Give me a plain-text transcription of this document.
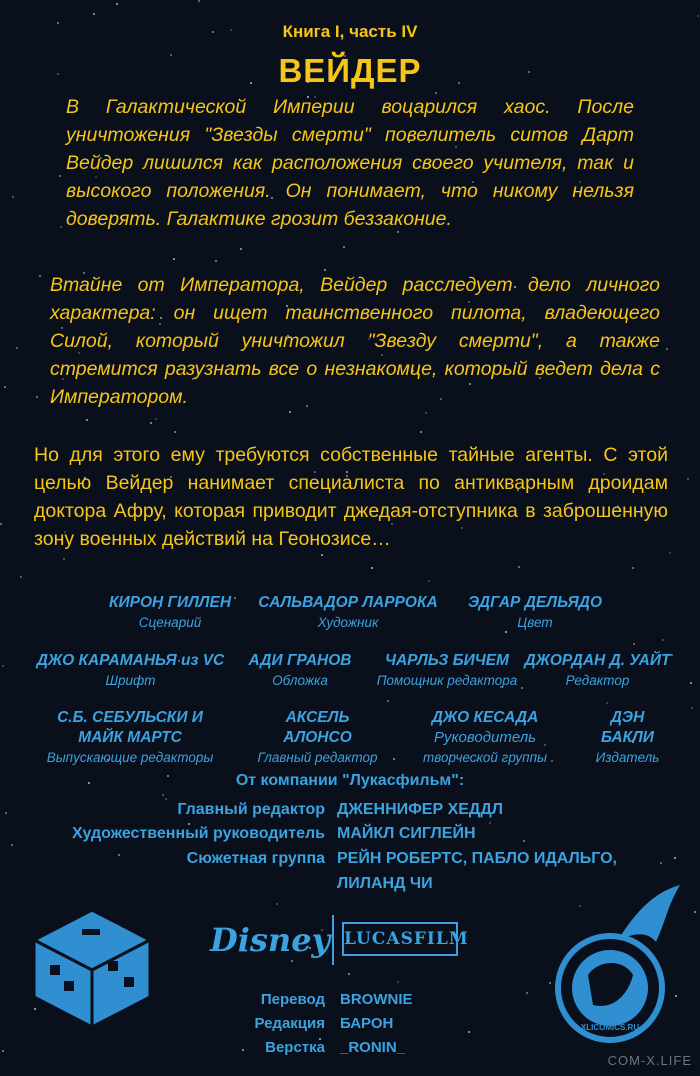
Книга I, часть IV
ВЕЙДЕР
В Галактической Империи воцарился хаос. После уничтожения "Звезды смерти" повелитель ситов Дарт Вейдер лишился как расположения своего учителя, так и высокого положения. Он понимает, что никому нельзя доверять. Галактике грозит беззаконие.
Втайне от Императора, Вейдер расследует дело личного характера: он ищет таинственного пилота, владеющего Силой, который уничтожил "Звезду смерти", а также стремится разузнать все о незнакомце, который ведет дела с Императором.
Но для этого ему требуются собственные тайные агенты. С этой целью Вейдер нанимает специалиста по антикварным дроидам доктора Афру, которая приводит джедая-отступника в заброшенную зону военных действий на Геонозисе…
КИРОН ГИЛЛЕН
Сценарий
САЛЬВАДОР ЛАРРОКА
Художник
ЭДГАР ДЕЛЬЯДО
Цвет
ДЖО КАРАМАНЬЯ из VC
Шрифт
АДИ ГРАНОВ
Обложка
ЧАРЛЬЗ БИЧЕМ
Помощник редактора
ДЖОРДАН Д. УАЙТ
Редактор
С.Б. СЕБУЛЬСКИ И
МАЙК МАРТС
Выпускающие редакторы
АКСЕЛЬ
АЛОНСО
Главный редактор
ДЖО КЕСАДА
Руководитель
творческой группы
ДЭН
БАКЛИ
Издатель
От компании "Лукасфильм":
Главный редактор ДЖЕННИФЕР ХЕДДЛ
Художественный руководитель МАЙКЛ СИГЛЕЙН
Сюжетная группа РЕЙН РОБЕРТС, ПАБЛО ИДАЛЬГО,
ЛИЛАНД ЧИ
Disney LUCASFILM
ФАНТАСТИЧЕСКИЕ ПЕРЕВОДЫ
XLICOMICS.RU
Перевод BROWNIE
Редакция БАРОН
Верстка _RONIN_
COM-X.LIFE
